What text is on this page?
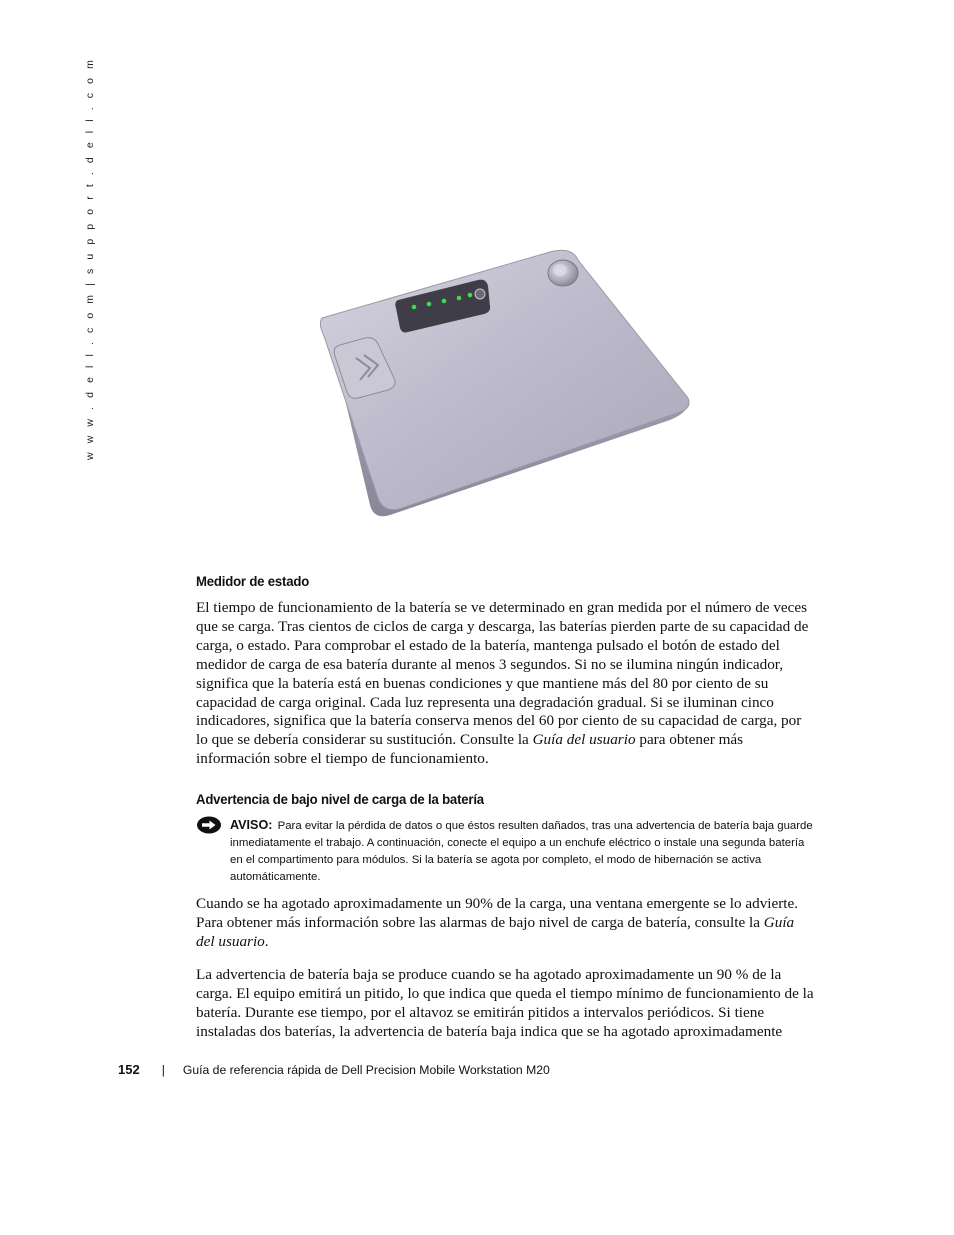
w w w . d e l l . c o m | s u p p o r t . d e l l . c o m
Medidor de estado

El tiempo de funcionamiento de la batería se ve determinado en gran medida por el número de veces que se carga. Tras cientos de ciclos de carga y descarga, las baterías pierden parte de su capacidad de carga, o estado. Para comprobar el estado de la batería, mantenga pulsado el botón de estado del medidor de carga de esa batería durante al menos 3 segundos. Si no se ilumina ningún indicador, significa que la batería está en buenas condiciones y que mantiene más del 80 por ciento de su capacidad de carga original. Cada luz representa una degradación gradual. Si se iluminan cinco indicadores, significa que la batería conserva menos del 60 por ciento de su capacidad de carga, por lo que se debería considerar su sustitución. Consulte la Guía del usuario para obtener más información sobre el tiempo de funcionamiento.

Advertencia de bajo nivel de carga de la batería
AVISO: Para evitar la pérdida de datos o que éstos resulten dañados, tras una advertencia de batería baja guarde inmediatamente el trabajo. A continuación, conecte el equipo a un enchufe eléctrico o instale una segunda batería en el compartimento para módulos. Si la batería se agota por completo, el modo de hibernación se activa automáticamente.

Cuando se ha agotado aproximadamente un 90% de la carga, una ventana emergente se lo advierte. Para obtener más información sobre las alarmas de bajo nivel de carga de batería, consulte la Guía del usuario.

La advertencia de batería baja se produce cuando se ha agotado aproximadamente un 90 % de la carga. El equipo emitirá un pitido, lo que indica que queda el tiempo mínimo de funcionamiento de la batería. Durante ese tiempo, por el altavoz se emitirán pitidos a intervalos periódicos. Si tiene instaladas dos baterías, la advertencia de batería baja indica que se ha agotado aproximadamente

152 | Guía de referencia rápida de Dell Precision Mobile Workstation M20
